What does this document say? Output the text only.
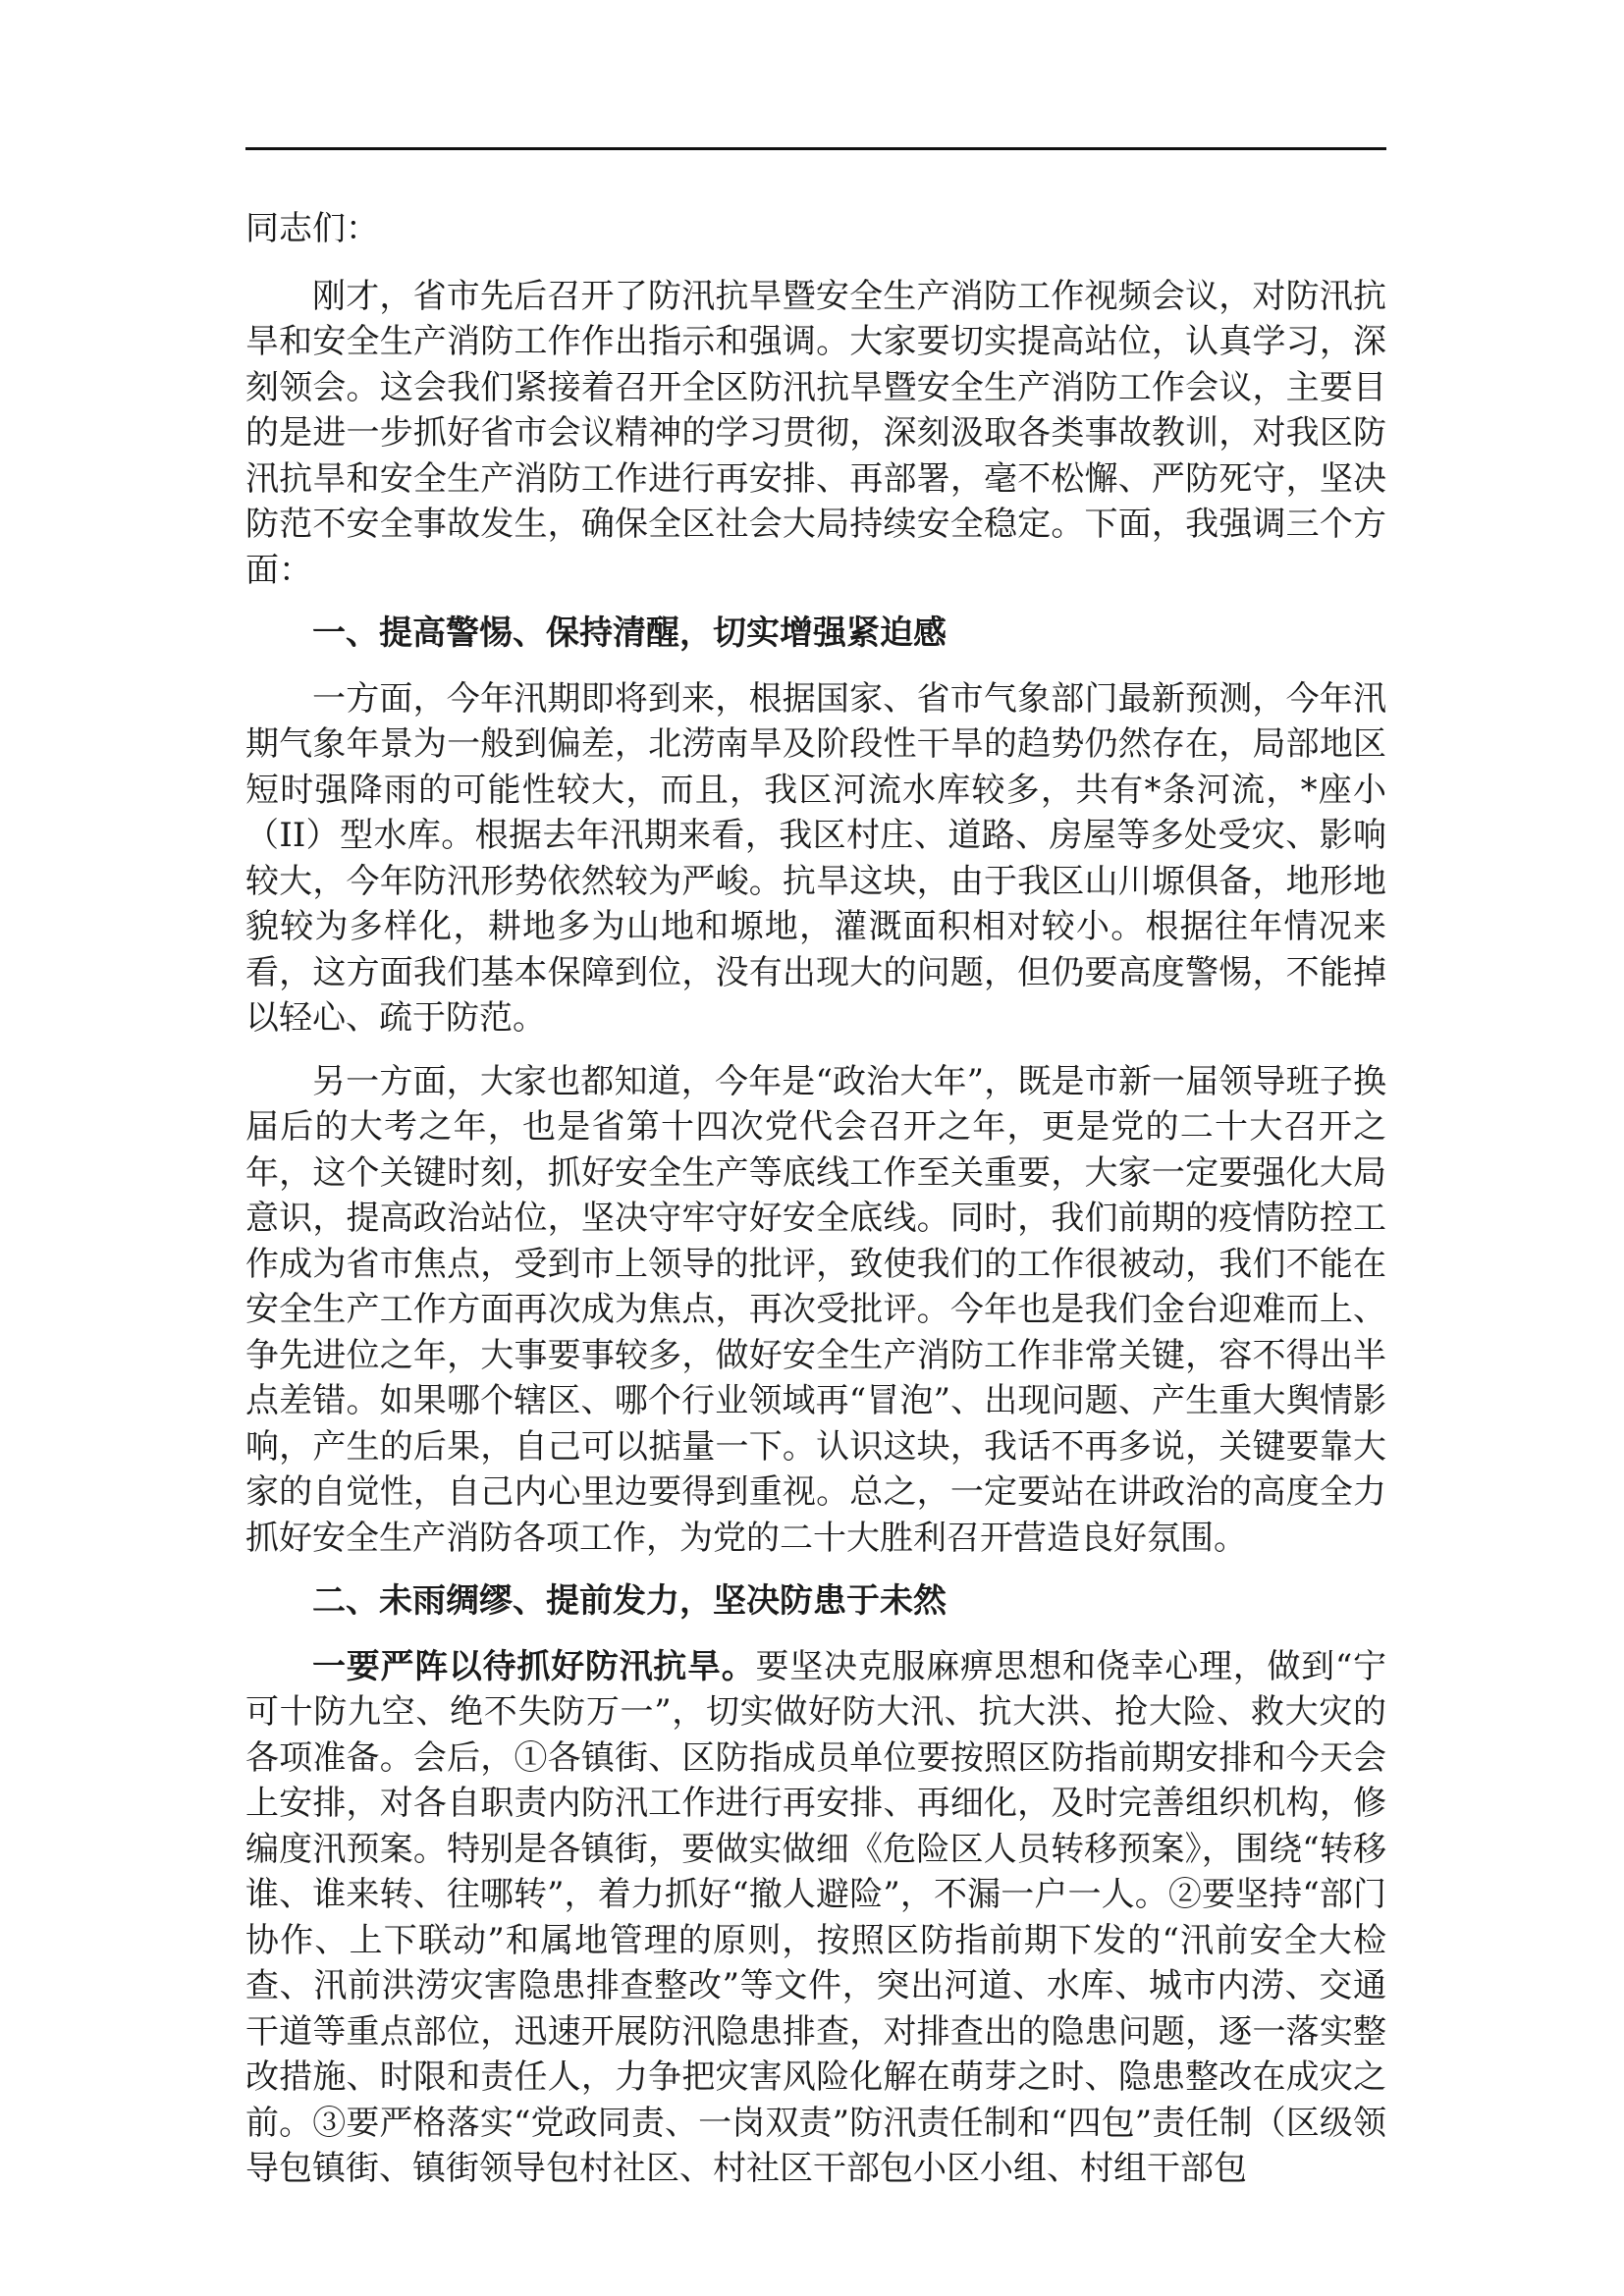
同志们：

刚才，省市先后召开了防汛抗旱暨安全生产消防工作视频会议，对防汛抗旱和安全生产消防工作作出指示和强调。大家要切实提高站位，认真学习，深刻领会。这会我们紧接着召开全区防汛抗旱暨安全生产消防工作会议，主要目的是进一步抓好省市会议精神的学习贯彻，深刻汲取各类事故教训，对我区防汛抗旱和安全生产消防工作进行再安排、再部署，毫不松懈、严防死守，坚决防范不安全事故发生，确保全区社会大局持续安全稳定。下面，我强调三个方面：

一、提高警惕、保持清醒，切实增强紧迫感

一方面，今年汛期即将到来，根据国家、省市气象部门最新预测，今年汛期气象年景为一般到偏差，北涝南旱及阶段性干旱的趋势仍然存在，局部地区短时强降雨的可能性较大，而且，我区河流水库较多，共有*条河流，*座小（II）型水库。根据去年汛期来看，我区村庄、道路、房屋等多处受灾、影响较大，今年防汛形势依然较为严峻。抗旱这块，由于我区山川塬俱备，地形地貌较为多样化，耕地多为山地和塬地，灌溉面积相对较小。根据往年情况来看，这方面我们基本保障到位，没有出现大的问题，但仍要高度警惕，不能掉以轻心、疏于防范。

另一方面，大家也都知道，今年是“政治大年”，既是市新一届领导班子换届后的大考之年，也是省第十四次党代会召开之年，更是党的二十大召开之年，这个关键时刻，抓好安全生产等底线工作至关重要，大家一定要强化大局意识，提高政治站位，坚决守牢守好安全底线。同时，我们前期的疫情防控工作成为省市焦点，受到市上领导的批评，致使我们的工作很被动，我们不能在安全生产工作方面再次成为焦点，再次受批评。今年也是我们金台迎难而上、争先进位之年，大事要事较多，做好安全生产消防工作非常关键，容不得出半点差错。如果哪个辖区、哪个行业领域再“冒泡”、出现问题、产生重大舆情影响，产生的后果，自己可以掂量一下。认识这块，我话不再多说，关键要靠大家的自觉性，自己内心里边要得到重视。总之，一定要站在讲政治的高度全力抓好安全生产消防各项工作，为党的二十大胜利召开营造良好氛围。

二、未雨绸缪、提前发力，坚决防患于未然

一要严阵以待抓好防汛抗旱。要坚决克服麻痹思想和侥幸心理，做到“宁可十防九空、绝不失防万一”，切实做好防大汛、抗大洪、抢大险、救大灾的各项准备。会后，①各镇街、区防指成员单位要按照区防指前期安排和今天会上安排，对各自职责内防汛工作进行再安排、再细化，及时完善组织机构，修编度汛预案。特别是各镇街，要做实做细《危险区人员转移预案》，围绕“转移谁、谁来转、往哪转”，着力抓好“撤人避险”，不漏一户一人。②要坚持“部门协作、上下联动”和属地管理的原则，按照区防指前期下发的“汛前安全大检查、汛前洪涝灾害隐患排查整改”等文件，突出河道、水库、城市内涝、交通干道等重点部位，迅速开展防汛隐患排查，对排查出的隐患问题，逐一落实整改措施、时限和责任人，力争把灾害风险化解在萌芽之时、隐患整改在成灾之前。③要严格落实“党政同责、一岗双责”防汛责任制和“四包”责任制（区级领导包镇街、镇街领导包村社区、村社区干部包小区小组、村组干部包
